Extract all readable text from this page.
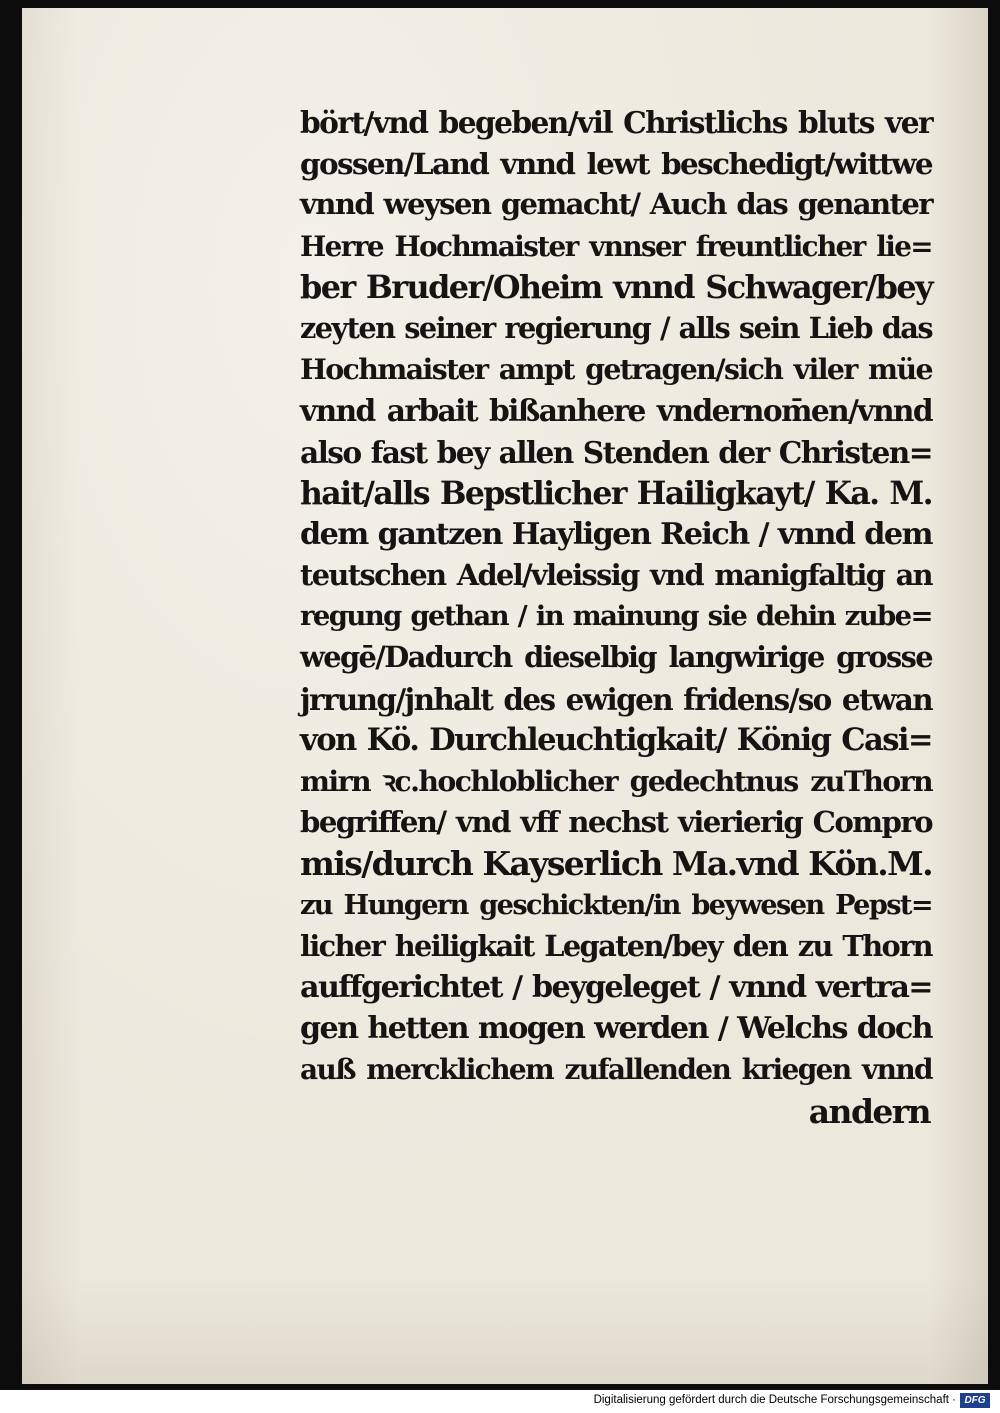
bört/vnd begeben/vil Christlichs bluts ver
gossen/Land vnnd lewt beschedigt/wittwe
vnnd weysen gemacht/ Auch das genanter
Herre Hochmaister vnnser freuntlicher lie=
ber Bruder/Oheim vnnd Schwager/bey
zeyten seiner regierung / alls sein Lieb das
Hochmaister ampt getragen/sich viler müe
vnnd arbait bißanhere vndernom̄en/vnnd
also fast bey allen Stenden der Christen=
hait/alls Bepstlicher Hailigkayt/ Ka. M.
dem gantzen Hayligen Reich / vnnd dem
teutschen Adel/vleissig vnd manigfaltig an
regung gethan / in mainung sie dehin zube=
wegē/Dadurch dieselbig langwirige grosse
jrrung/jnhalt des ewigen fridens/so etwan
von Kö. Durchleuchtigkait/ König Casi=
mirn ꝛc.hochloblicher gedechtnus zuThorn
begriffen/ vnd vff nechst vierierig Compro
mis/durch Kayserlich Ma.vnd Kön.M.
zu Hungern geschickten/in beywesen Pepst=
licher heiligkait Legaten/bey den zu Thorn
auffgerichtet / beygeleget / vnnd vertra=
gen hetten mogen werden / Welchs doch
auß mercklichem zufallenden kriegen vnnd
andern
Digitalisierung gefördert durch die Deutsche Forschungsgemeinschaft · DFG
